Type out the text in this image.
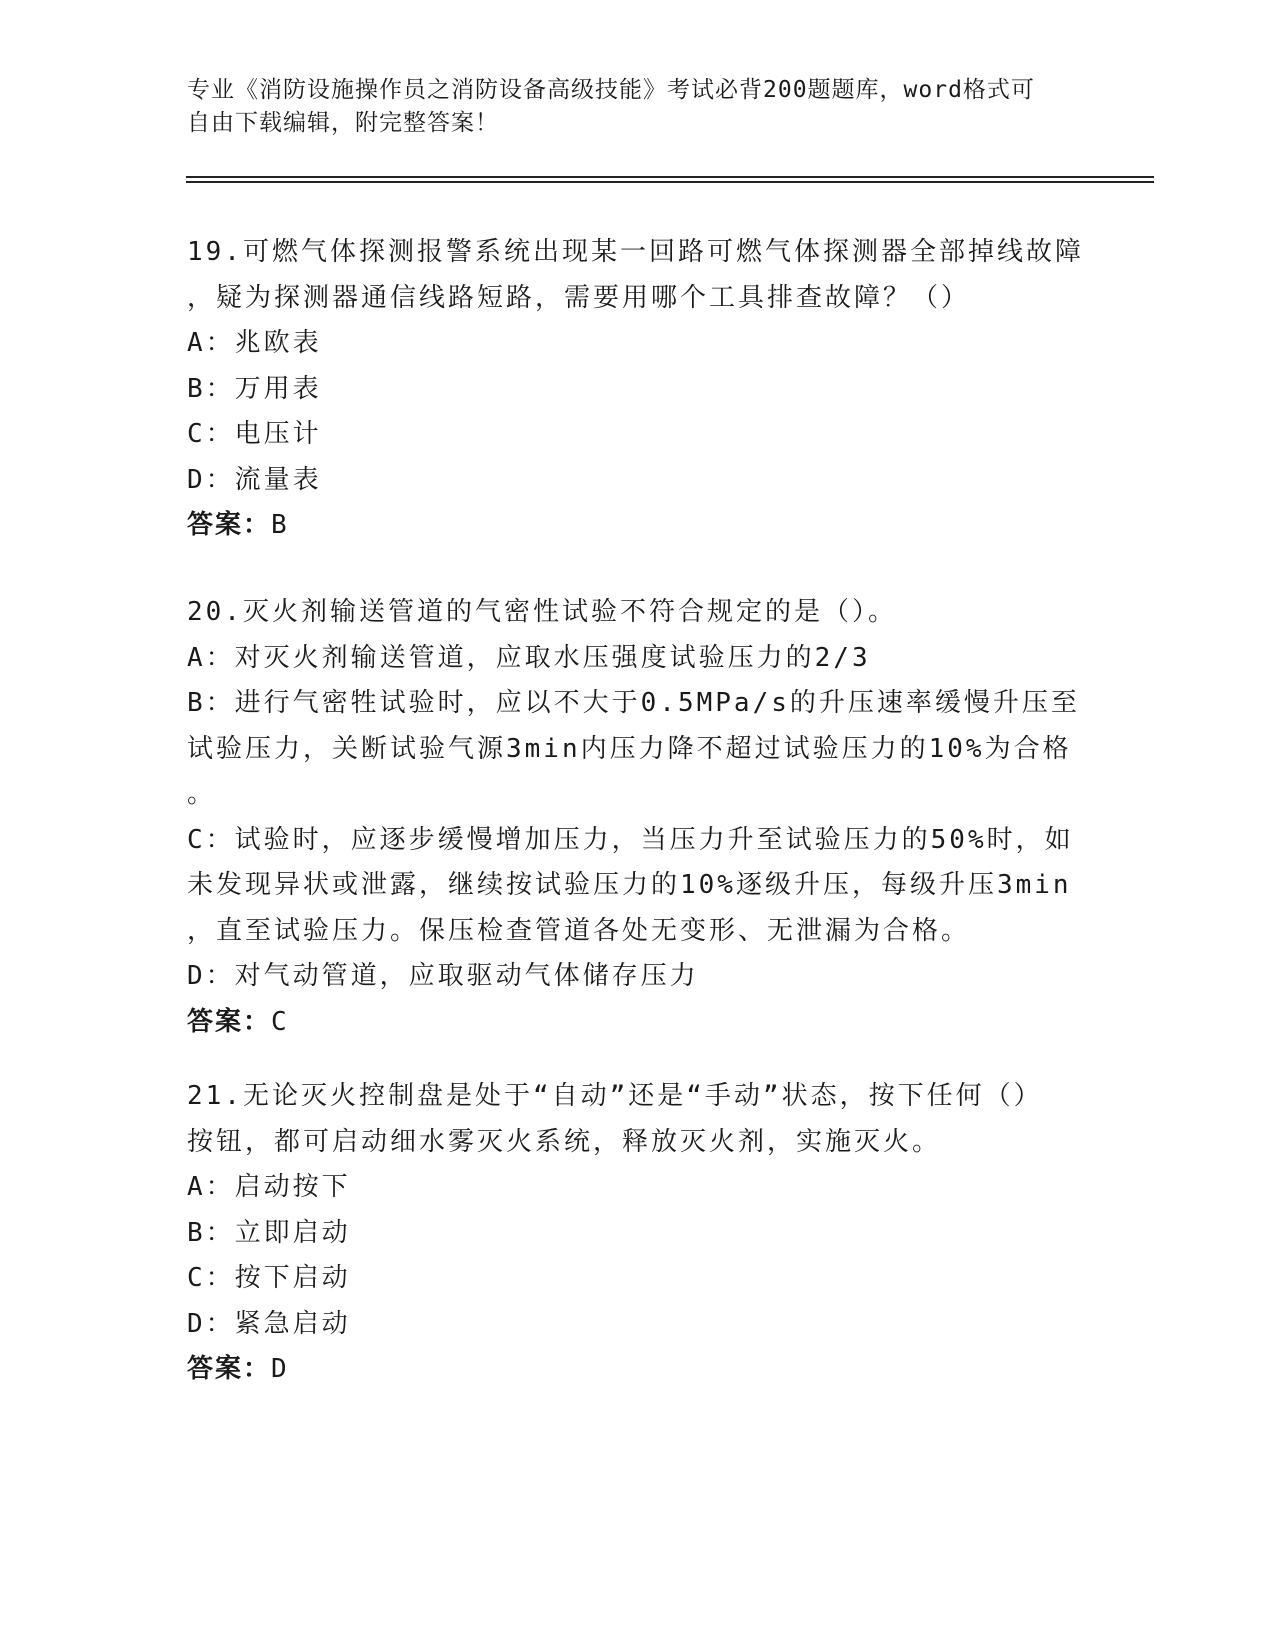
专业《消防设施操作员之消防设备高级技能》考试必背200题题库，word格式可
自由下载编辑，附完整答案！
19.可燃气体探测报警系统出现某一回路可燃气体探测器全部掉线故障
，疑为探测器通信线路短路，需要用哪个工具排查故障？（）
A：兆欧表
B：万用表
C：电压计
D：流量表
答案：B
20.灭火剂输送管道的气密性试验不符合规定的是（）。
A：对灭火剂输送管道，应取水压强度试验压力的2/3
B：进行气密牲试验时，应以不大于0.5MPa/s的升压速率缓慢升压至
试验压力，关断试验气源3min内压力降不超过试验压力的10%为合格
。
C：试验时，应逐步缓慢增加压力，当压力升至试验压力的50%时，如
未发现异状或泄露，继续按试验压力的10%逐级升压，每级升压3min
，直至试验压力。保压检查管道各处无变形、无泄漏为合格。
D：对气动管道，应取驱动气体储存压力
答案：C
21.无论灭火控制盘是处于“自动”还是“手动”状态，按下任何（）
按钮，都可启动细水雾灭火系统，释放灭火剂，实施灭火。
A：启动按下
B：立即启动
C：按下启动
D：紧急启动
答案：D
